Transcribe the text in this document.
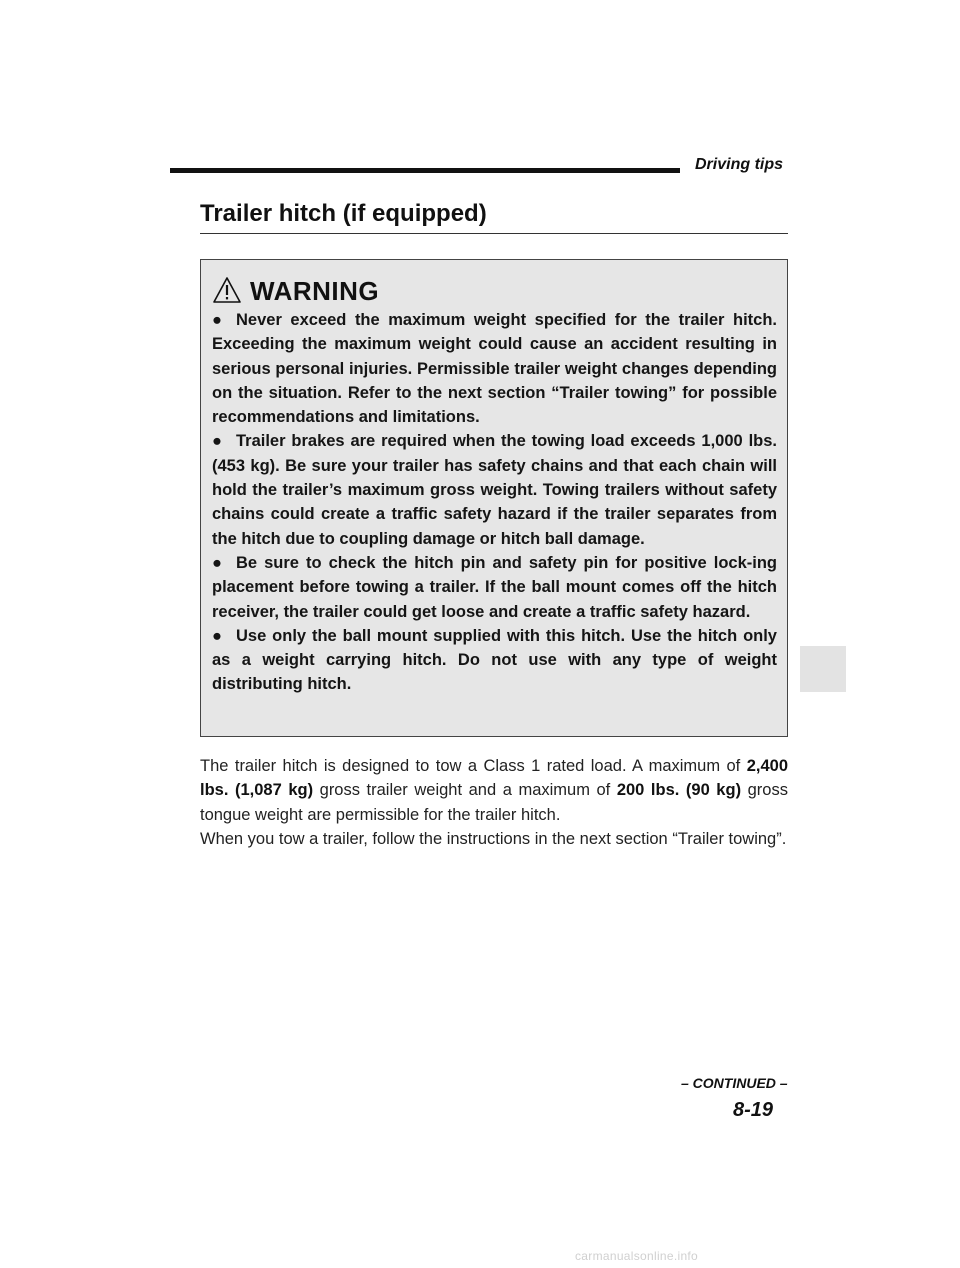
Driving tips
Trailer hitch (if equipped)
WARNING

● Never exceed the maximum weight specified for the trailer hitch. Exceeding the maximum weight could cause an accident resulting in serious personal injuries. Permissible trailer weight changes depending on the situation. Refer to the next section “Trailer towing” for possible recommendations and limitations.

● Trailer brakes are required when the towing load exceeds 1,000 lbs. (453 kg). Be sure your trailer has safety chains and that each chain will hold the trailer’s maximum gross weight. Towing trailers without safety chains could create a traffic safety hazard if the trailer separates from the hitch due to coupling damage or hitch ball damage.

● Be sure to check the hitch pin and safety pin for positive lock-ing placement before towing a trailer. If the ball mount comes off the hitch receiver, the trailer could get loose and create a traffic safety hazard.

● Use only the ball mount supplied with this hitch. Use the hitch only as a weight carrying hitch. Do not use with any type of weight distributing hitch.

The trailer hitch is designed to tow a Class 1 rated load. A maximum of 2,400 lbs. (1,087 kg) gross trailer weight and a maximum of 200 lbs. (90 kg) gross tongue weight are permissible for the trailer hitch.

When you tow a trailer, follow the instructions in the next section “Trailer towing”.

– CONTINUED –
8-19
carmanualsonline.info
